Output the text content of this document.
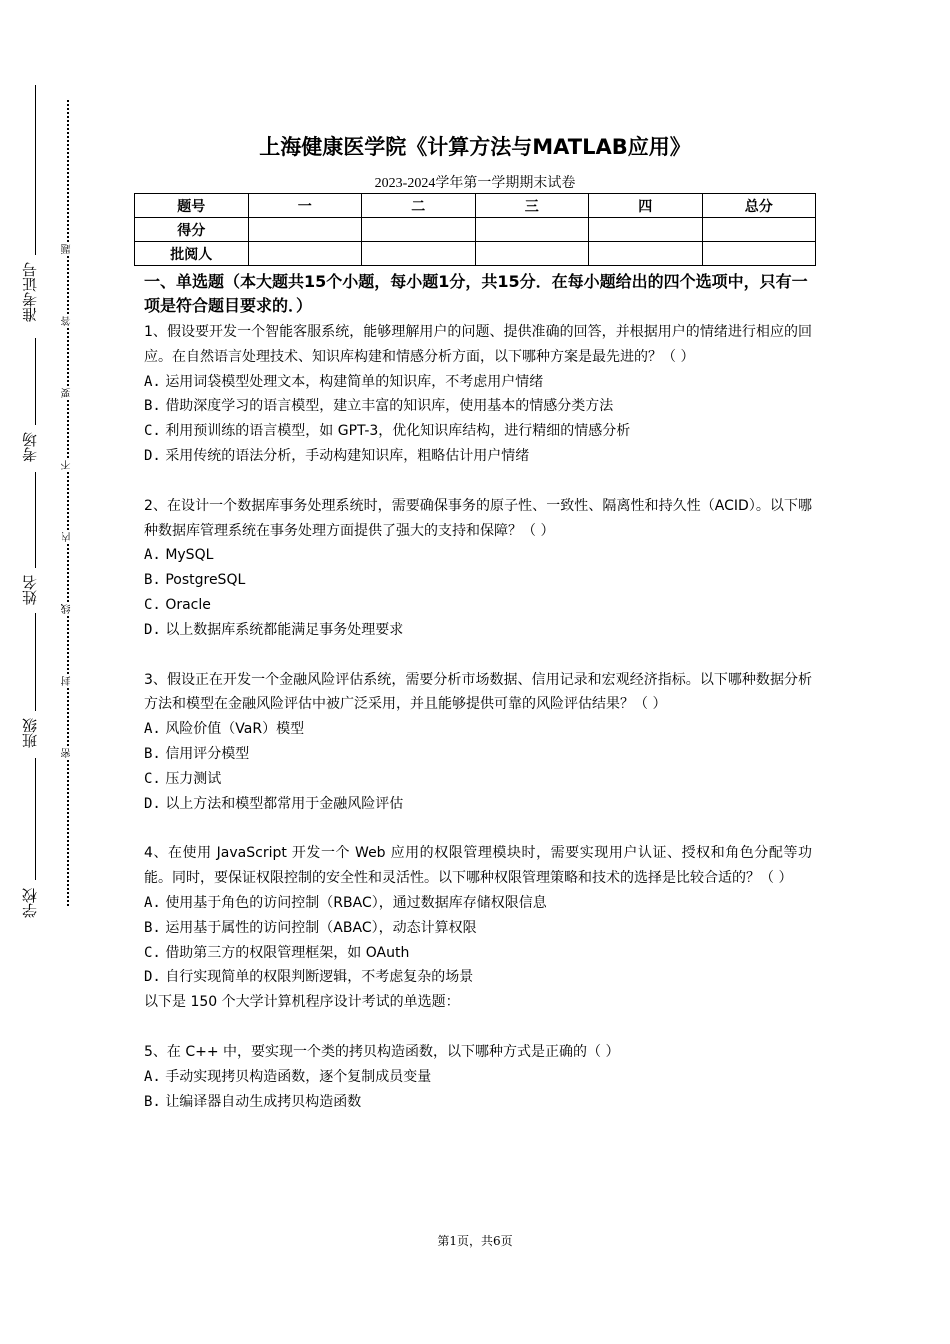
准考证号
考场
姓名
班级
学校
题
答
要
不
内
线
封
密
上海健康医学院《计算方法与MATLAB应用》
2023-2024学年第一学期期末试卷
题号	一	二	三	四	总分
得分					
批阅人					
一、单选题（本大题共15个小题，每小题1分，共15分．在每小题给出的四个选项中，只有一项是符合题目要求的．）
1、假设要开发一个智能客服系统，能够理解用户的问题、提供准确的回答，并根据用户的情绪进行相应的回应。在自然语言处理技术、知识库构建和情感分析方面，以下哪种方案是最先进的？（ ）
A. 运用词袋模型处理文本，构建简单的知识库，不考虑用户情绪
B. 借助深度学习的语言模型，建立丰富的知识库，使用基本的情感分类方法
C. 利用预训练的语言模型，如 GPT-3，优化知识库结构，进行精细的情感分析
D. 采用传统的语法分析，手动构建知识库，粗略估计用户情绪
2、在设计一个数据库事务处理系统时，需要确保事务的原子性、一致性、隔离性和持久性（ACID）。以下哪种数据库管理系统在事务处理方面提供了强大的支持和保障？（ ）
A. MySQL
B. PostgreSQL
C. Oracle
D. 以上数据库系统都能满足事务处理要求
3、假设正在开发一个金融风险评估系统，需要分析市场数据、信用记录和宏观经济指标。以下哪种数据分析方法和模型在金融风险评估中被广泛采用，并且能够提供可靠的风险评估结果？（ ）
A. 风险价值（VaR）模型
B. 信用评分模型
C. 压力测试
D. 以上方法和模型都常用于金融风险评估
4、在使用 JavaScript 开发一个 Web 应用的权限管理模块时，需要实现用户认证、授权和角色分配等功能。同时，要保证权限控制的安全性和灵活性。以下哪种权限管理策略和技术的选择是比较合适的？（ ）
A. 使用基于角色的访问控制（RBAC），通过数据库存储权限信息
B. 运用基于属性的访问控制（ABAC），动态计算权限
C. 借助第三方的权限管理框架，如 OAuth
D. 自行实现简单的权限判断逻辑，不考虑复杂的场景
以下是 150 个大学计算机程序设计考试的单选题：
5、在 C++ 中，要实现一个类的拷贝构造函数，以下哪种方式是正确的（ ）
A. 手动实现拷贝构造函数，逐个复制成员变量
B. 让编译器自动生成拷贝构造函数
第1页，共6页
